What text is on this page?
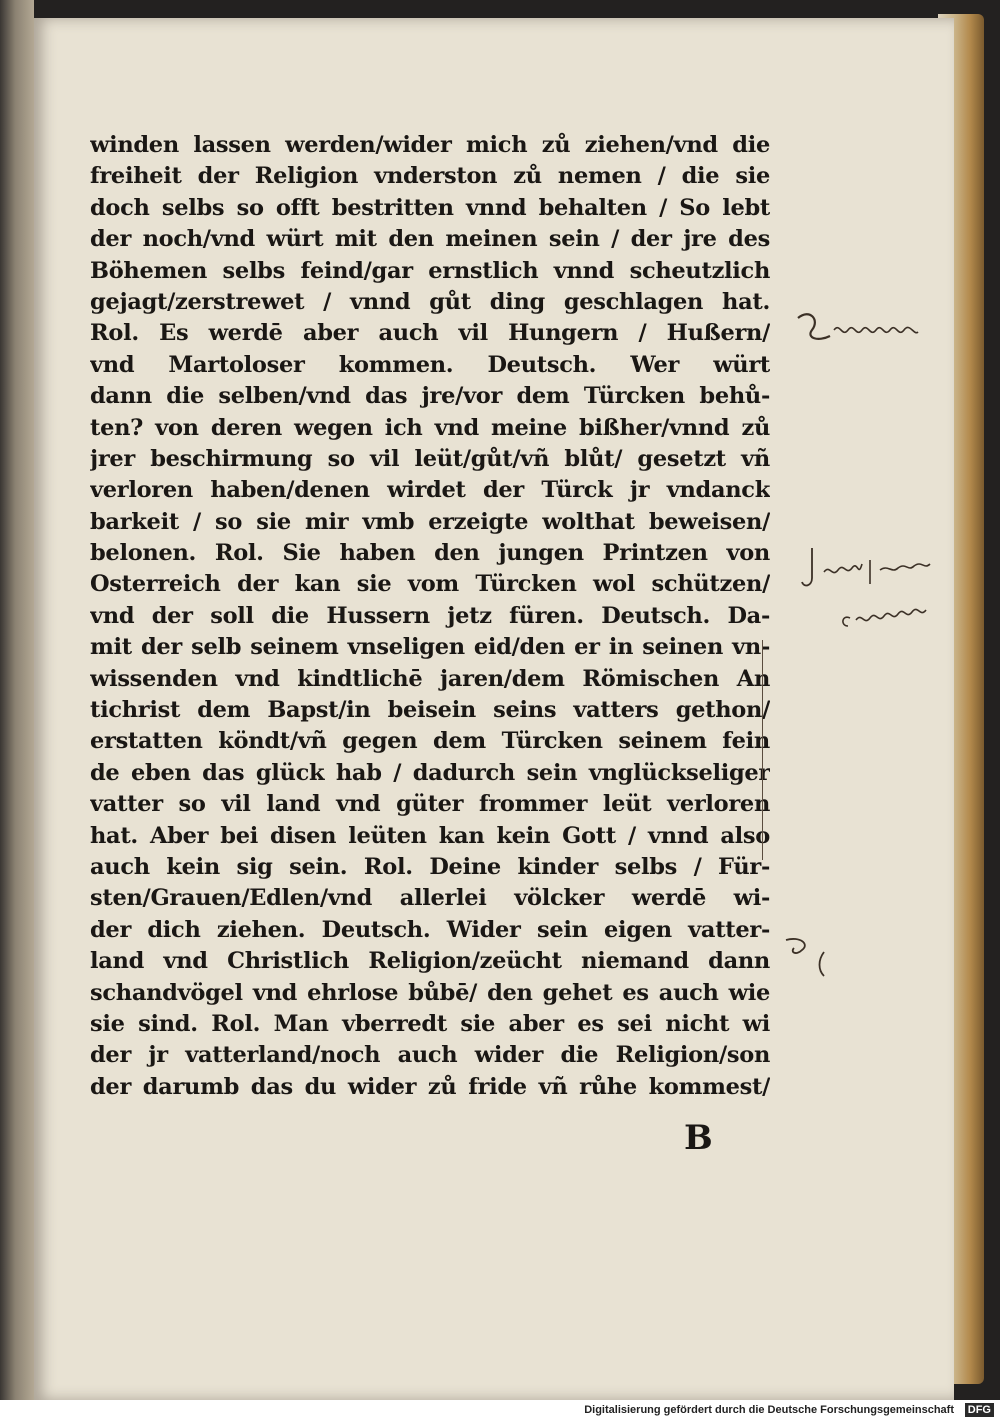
winden lassen werden/wider mich zů ziehen/vnd die
freiheit der Religion vnderston zů nemen / die sie
doch selbs so offt bestritten vnnd behalten / So lebt
der noch/vnd würt mit den meinen sein / der jre des
Böhemen selbs feind/gar ernstlich vnnd scheutzlich
gejagt/zerstrewet / vnnd gůt ding geschlagen hat.
Rol. Es werdē aber auch vil Hungern / Hußern/
vnd Martoloser kommen. Deutsch. Wer würt
dann die selben/vnd das jre/vor dem Türcken behů-
ten? von deren wegen ich vnd meine bißher/vnnd zů
jrer beschirmung so vil leüt/gůt/vñ blůt/ gesetzt vñ
verloren haben/denen wirdet der Türck jr vndanck
barkeit / so sie mir vmb erzeigte wolthat beweisen/
belonen. Rol. Sie haben den jungen Printzen von
Osterreich der kan sie vom Türcken wol schützen/
vnd der soll die Hussern jetz füren. Deutsch. Da-
mit der selb seinem vnseligen eid/den er in seinen vn-
wissenden vnd kindtlichē jaren/dem Römischen An
tichrist dem Bapst/in beisein seins vatters gethon/
erstatten köndt/vñ gegen dem Türcken seinem fein
de eben das glück hab / dadurch sein vnglückseliger
vatter so vil land vnd güter frommer leüt verloren
hat. Aber bei disen leüten kan kein Gott / vnnd also
auch kein sig sein. Rol. Deine kinder selbs / Für-
sten/Grauen/Edlen/vnd allerlei völcker werdē wi-
der dich ziehen. Deutsch. Wider sein eigen vatter-
land vnd Christlich Religion/zeücht niemand dann
schandvögel vnd ehrlose bůbē/ den gehet es auch wie
sie sind. Rol. Man vberredt sie aber es sei nicht wi
der jr vatterland/noch auch wider die Religion/son
der darumb das du wider zů fride vñ růhe kommest/
B
Digitalisierung gefördert durch die Deutsche Forschungsgemeinschaft DFG
